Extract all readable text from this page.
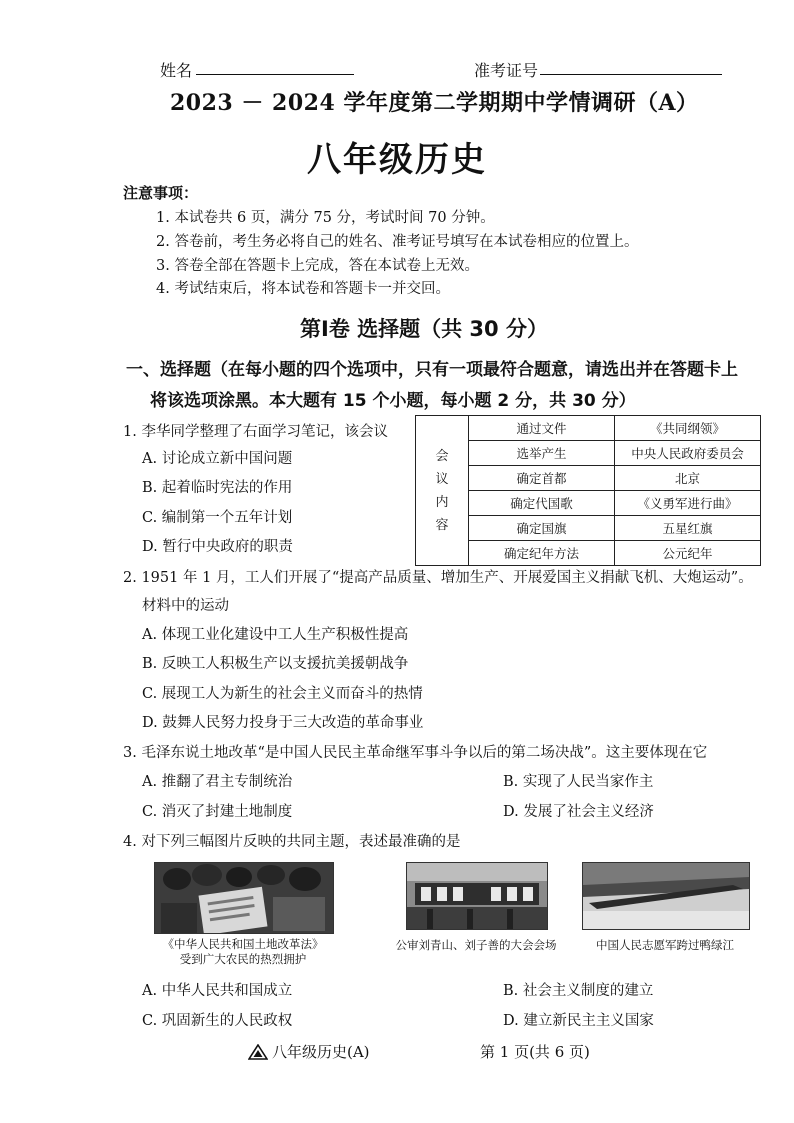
姓名	准考证号
2023 － 2024 学年度第二学期期中学情调研（A）
八年级历史
注意事项：
1. 本试卷共 6 页，满分 75 分，考试时间 70 分钟。
2. 答卷前，考生务必将自己的姓名、准考证号填写在本试卷相应的位置上。
3. 答卷全部在答题卡上完成，答在本试卷上无效。
4. 考试结束后，将本试卷和答题卡一并交回。
第Ⅰ卷 选择题（共 30 分）
一、选择题（在每小题的四个选项中，只有一项最符合题意，请选出并在答题卡上
将该选项涂黑。本大题有 15 个小题，每小题 2 分，共 30 分）
1. 李华同学整理了右面学习笔记，该会议
A. 讨论成立新中国问题
B. 起着临时宪法的作用
C. 编制第一个五年计划
D. 暂行中央政府的职责
会
议
内
容	通过文件	《共同纲领》
	选举产生	中央人民政府委员会
	确定首都	北京
	确定代国歌	《义勇军进行曲》
	确定国旗	五星红旗
	确定纪年方法	公元纪年
2. 1951 年 1 月，工人们开展了“提高产品质量、增加生产、开展爱国主义捐献飞机、大炮运动”。
材料中的运动
A. 体现工业化建设中工人生产积极性提高
B. 反映工人积极生产以支援抗美援朝战争
C. 展现工人为新生的社会主义而奋斗的热情
D. 鼓舞人民努力投身于三大改造的革命事业
3. 毛泽东说土地改革“是中国人民民主革命继军事斗争以后的第二场决战”。这主要体现在它
A. 推翻了君主专制统治	B. 实现了人民当家作主
C. 消灭了封建土地制度	D. 发展了社会主义经济
4. 对下列三幅图片反映的共同主题，表述最准确的是
《中华人民共和国土地改革法》
受到广大农民的热烈拥护
公审刘青山、刘子善的大会会场	中国人民志愿军跨过鸭绿江
A. 中华人民共和国成立	B. 社会主义制度的建立
C. 巩固新生的人民政权	D. 建立新民主主义国家
八年级历史(A)	第 1 页(共 6 页)
